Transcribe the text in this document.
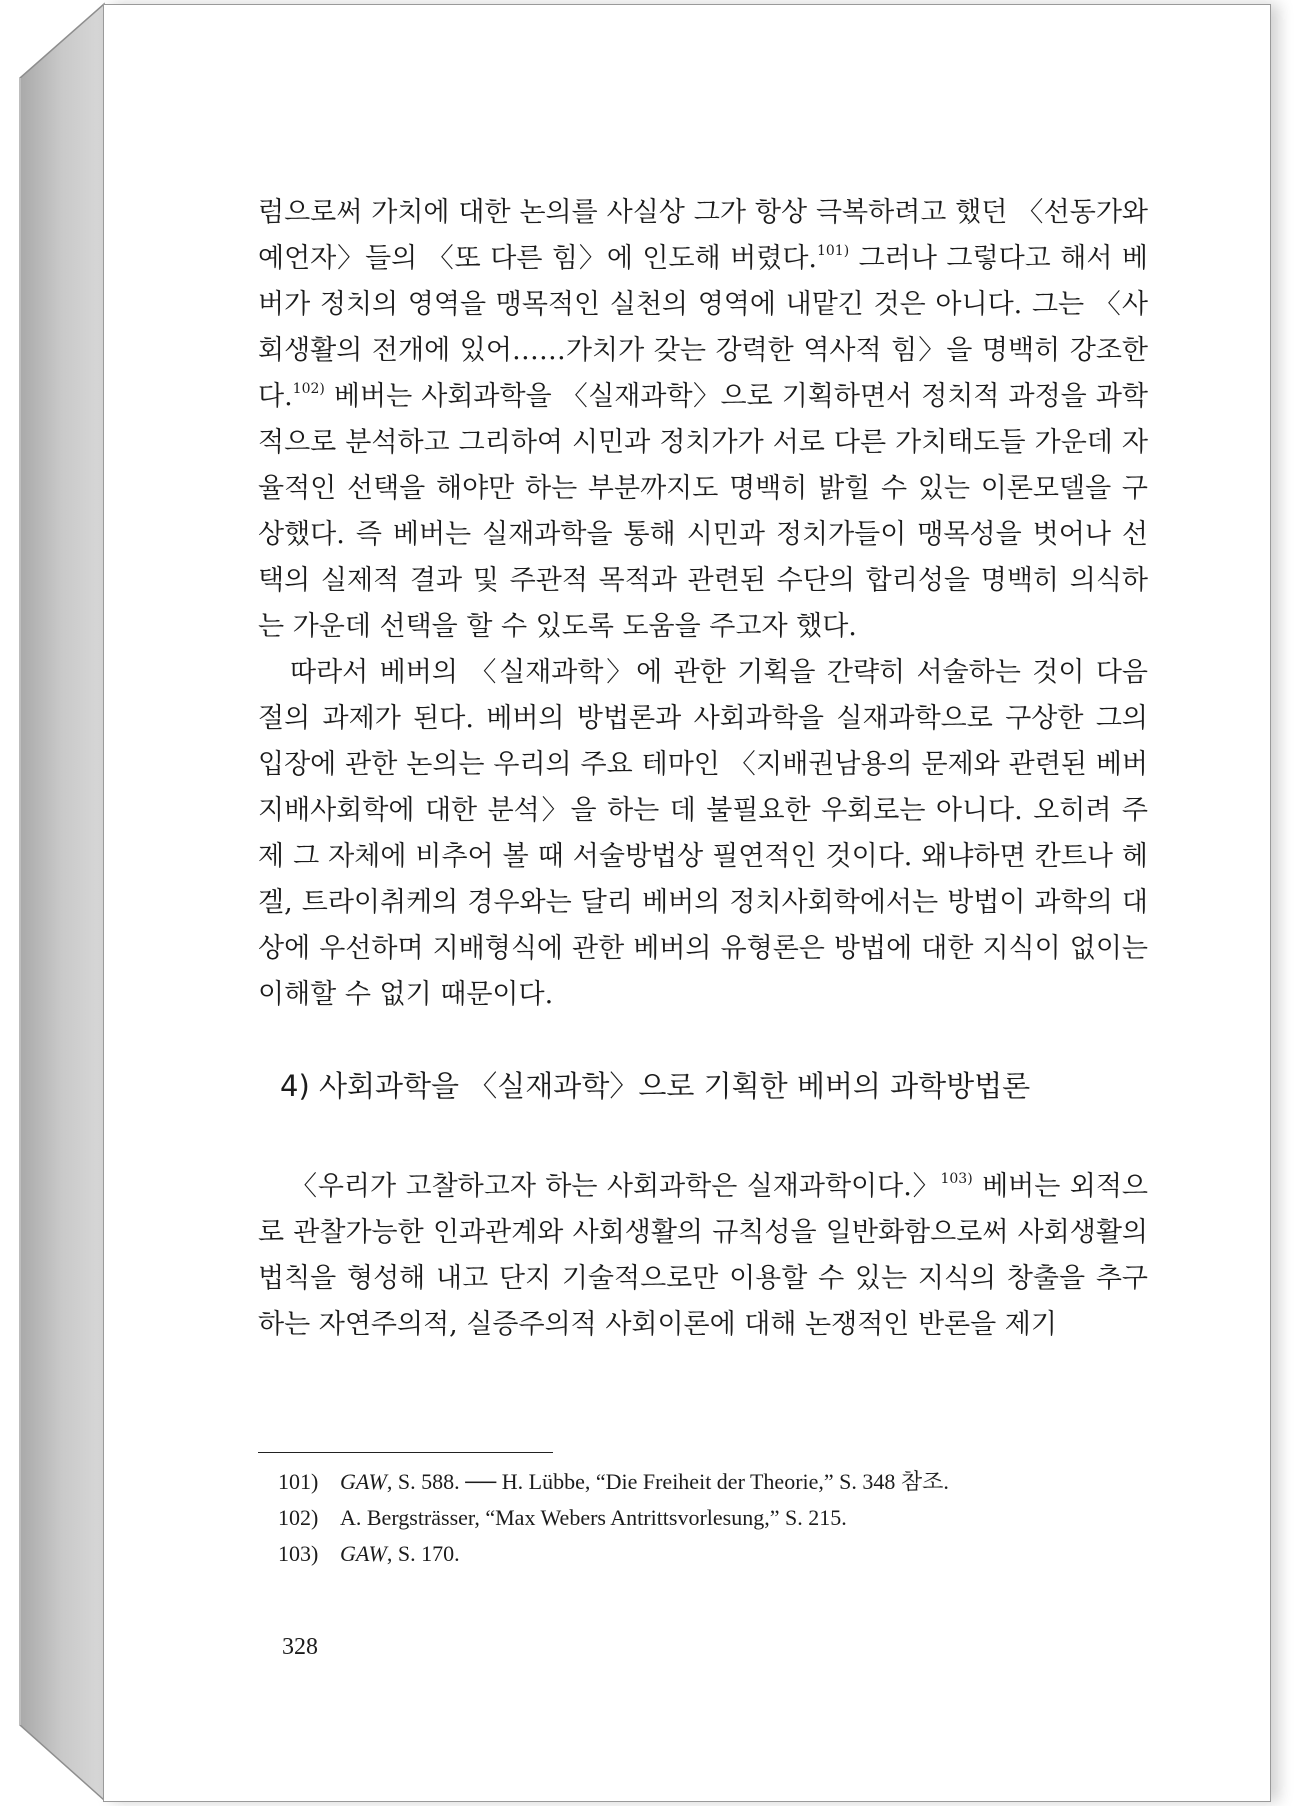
럼으로써 가치에 대한 논의를 사실상 그가 항상 극복하려고 했던 〈선동가와 예언자〉들의 〈또 다른 힘〉에 인도해 버렸다.$^{101)}$ 그러나 그렇다고 해서 베버가 정치의 영역을 맹목적인 실천의 영역에 내맡긴 것은 아니다. 그는 〈사회생활의 전개에 있어……가치가 갖는 강력한 역사적 힘〉을 명백히 강조한다.$^{102)}$ 베버는 사회과학을 〈실재과학〉으로 기획하면서 정치적 과정을 과학적으로 분석하고 그리하여 시민과 정치가가 서로 다른 가치태도들 가운데 자율적인 선택을 해야만 하는 부분까지도 명백히 밝힐 수 있는 이론모델을 구상했다. 즉 베버는 실재과학을 통해 시민과 정치가들이 맹목성을 벗어나 선택의 실제적 결과 및 주관적 목적과 관련된 수단의 합리성을 명백히 의식하는 가운데 선택을 할 수 있도록 도움을 주고자 했다.

따라서 베버의 〈실재과학〉에 관한 기획을 간략히 서술하는 것이 다음 절의 과제가 된다. 베버의 방법론과 사회과학을 실재과학으로 구상한 그의 입장에 관한 논의는 우리의 주요 테마인 〈지배권남용의 문제와 관련된 베버 지배사회학에 대한 분석〉을 하는 데 불필요한 우회로는 아니다. 오히려 주제 그 자체에 비추어 볼 때 서술방법상 필연적인 것이다. 왜냐하면 칸트나 헤겔, 트라이취케의 경우와는 달리 베버의 정치사회학에서는 방법이 과학의 대상에 우선하며 지배형식에 관한 베버의 유형론은 방법에 대한 지식이 없이는 이해할 수 없기 때문이다.

4) 사회과학을 〈실재과학〉으로 기획한 베버의 과학방법론

〈우리가 고찰하고자 하는 사회과학은 실재과학이다.〉$^{103)}$ 베버는 외적으로 관찰가능한 인과관계와 사회생활의 규칙성을 일반화함으로써 사회생활의 법칙을 형성해 내고 단지 기술적으로만 이용할 수 있는 지식의 창출을 추구하는 자연주의적, 실증주의적 사회이론에 대해 논쟁적인 반론을 제기

101) GAW, S. 588. ── H. Lübbe, “Die Freiheit der Theorie,” S. 348 참조.

102) A. Bergsträsser, “Max Webers Antrittsvorlesung,” S. 215.

103) GAW, S. 170.

328
